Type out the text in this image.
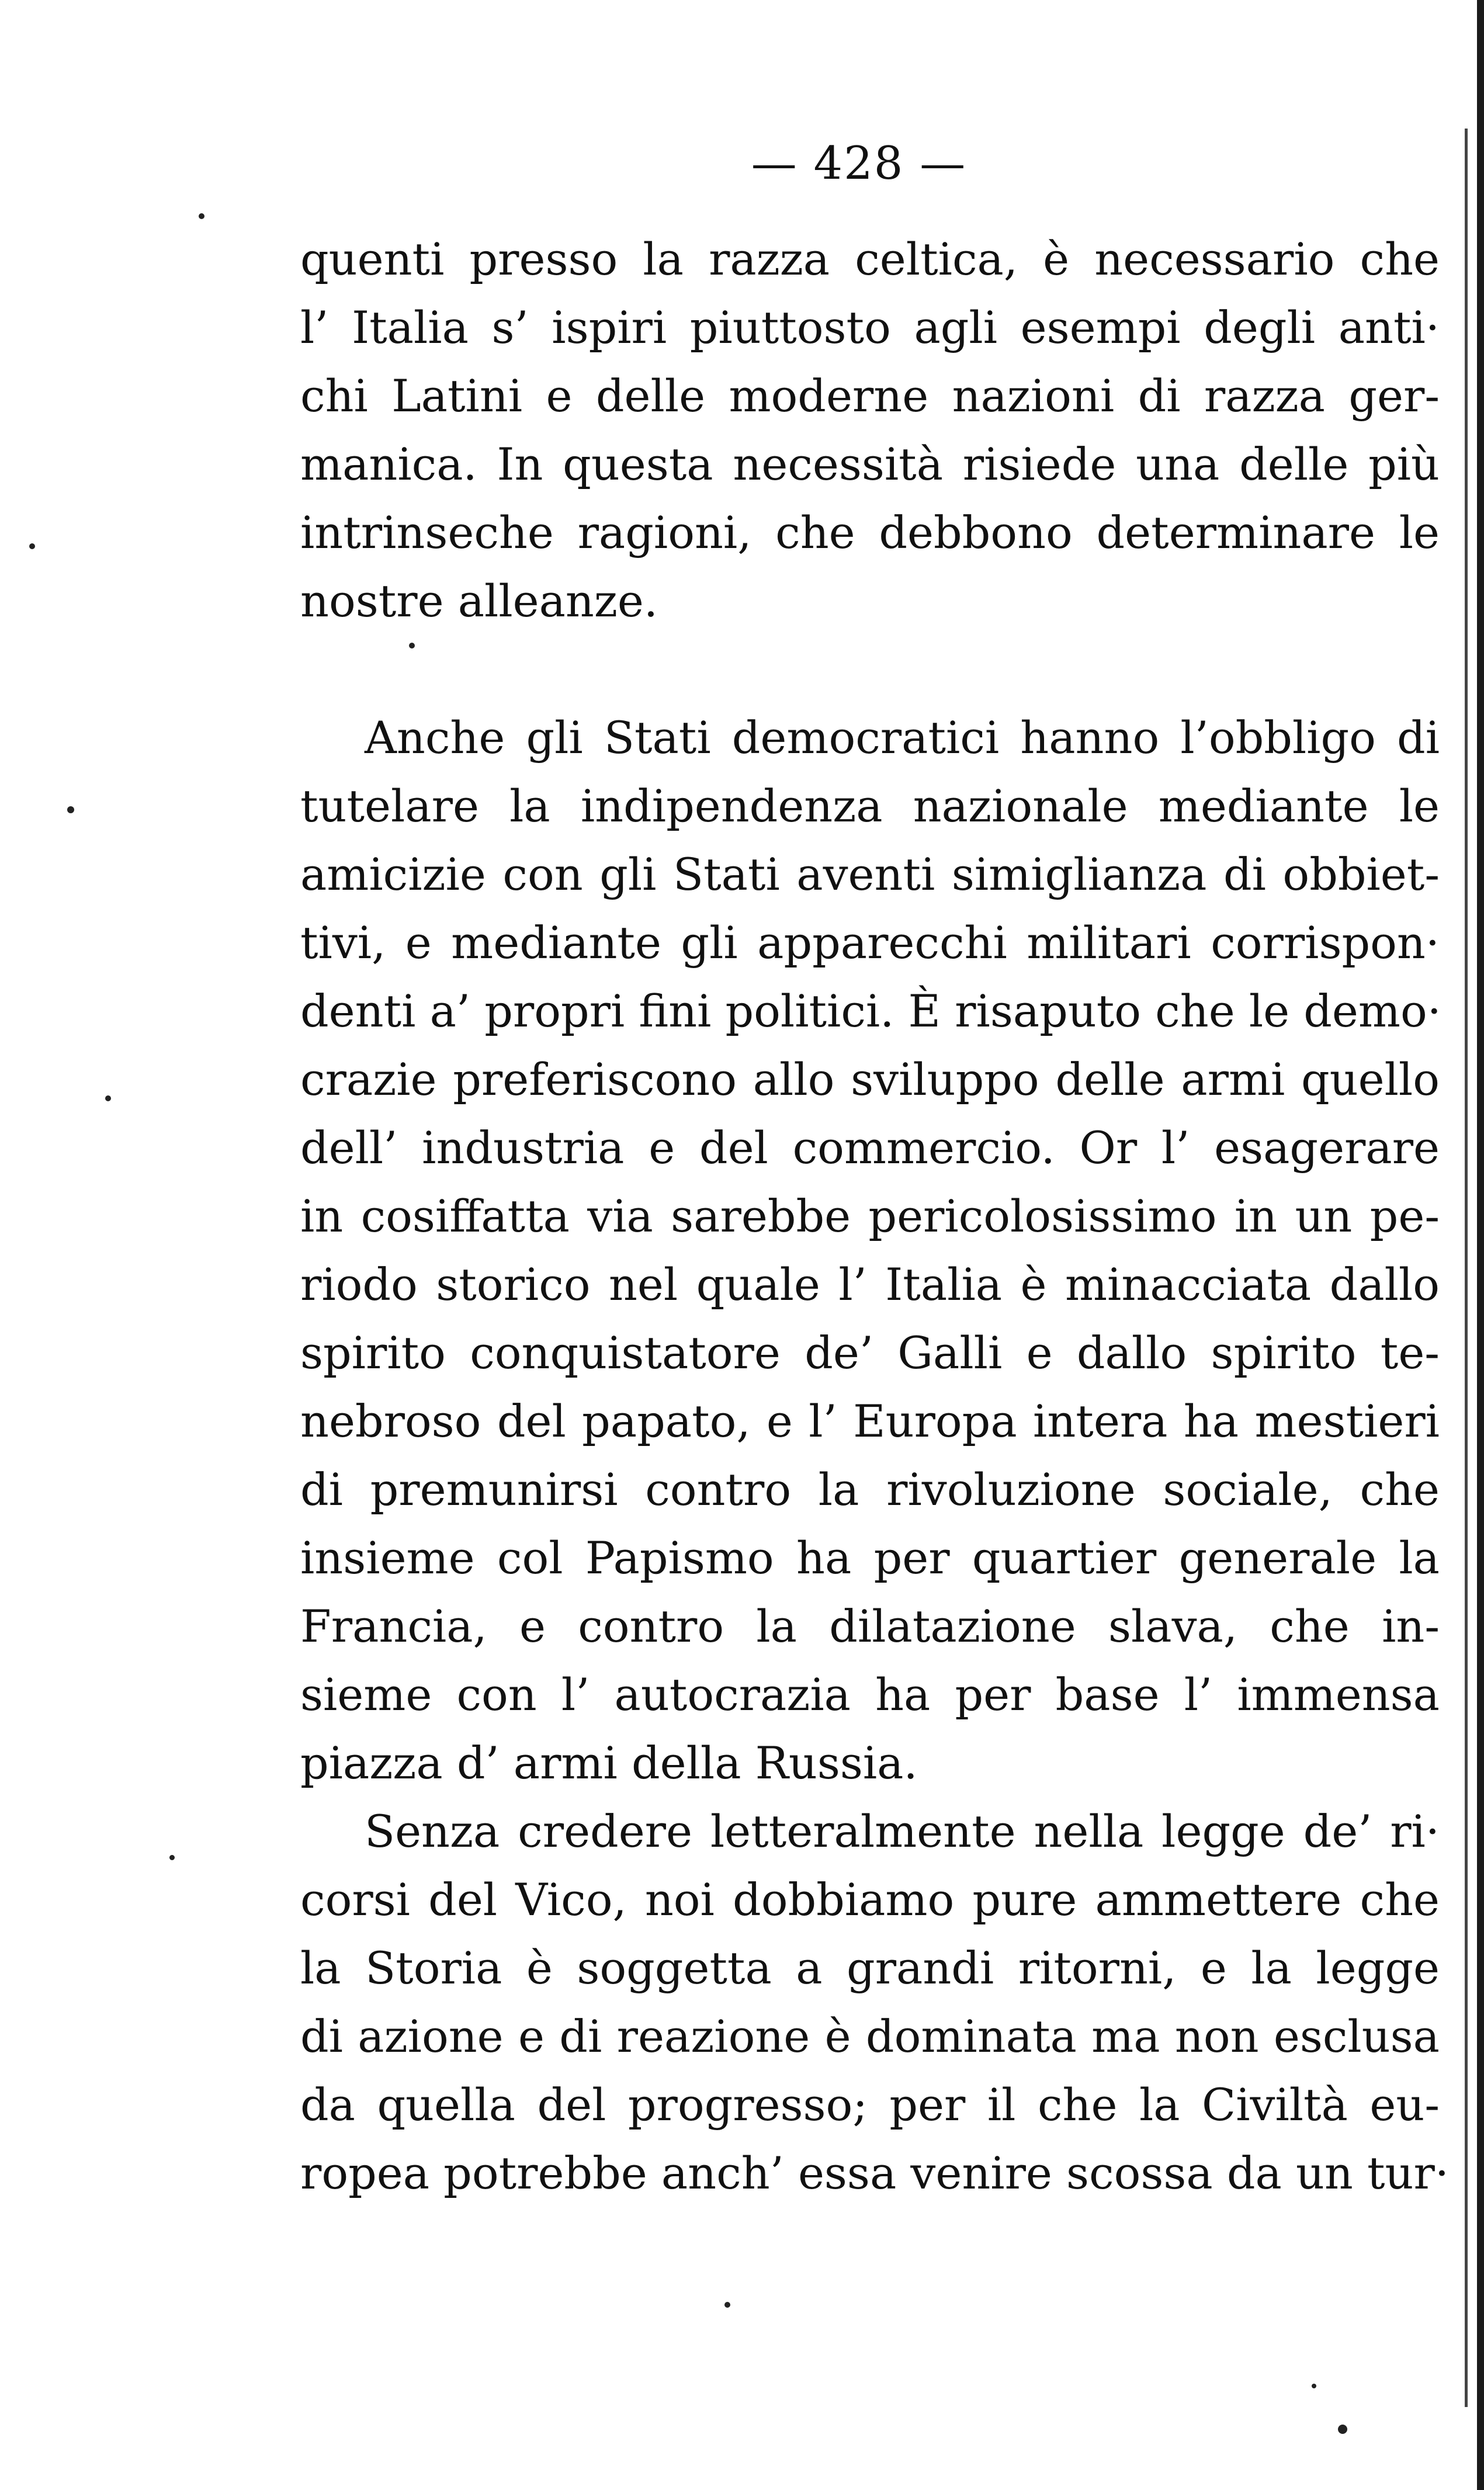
— 428 —
quenti presso la razza celtica, è necessario che
l’ Italia s’ ispiri piuttosto agli esempi degli anti·
chi Latini e delle moderne nazioni di razza ger-
manica. In questa necessità risiede una delle più
intrinseche ragioni, che debbono determinare le
nostre alleanze.
Anche gli Stati democratici hanno l’obbligo di
tutelare la indipendenza nazionale mediante le
amicizie con gli Stati aventi simiglianza di obbiet-
tivi, e mediante gli apparecchi militari corrispon·
denti a’ propri fini politici. È risaputo che le demo·
crazie preferiscono allo sviluppo delle armi quello
dell’ industria e del commercio. Or l’ esagerare
in cosiffatta via sarebbe pericolosissimo in un pe-
riodo storico nel quale l’ Italia è minacciata dallo
spirito conquistatore de’ Galli e dallo spirito te-
nebroso del papato, e l’ Europa intera ha mestieri
di premunirsi contro la rivoluzione sociale, che
insieme col Papismo ha per quartier generale la
Francia, e contro la dilatazione slava, che in-
sieme con l’ autocrazia ha per base l’ immensa
piazza d’ armi della Russia.
Senza credere letteralmente nella legge de’ ri·
corsi del Vico, noi dobbiamo pure ammettere che
la Storia è soggetta a grandi ritorni, e la legge
di azione e di reazione è dominata ma non esclusa
da quella del progresso; per il che la Civiltà eu-
ropea potrebbe anch’ essa venire scossa da un tur·
